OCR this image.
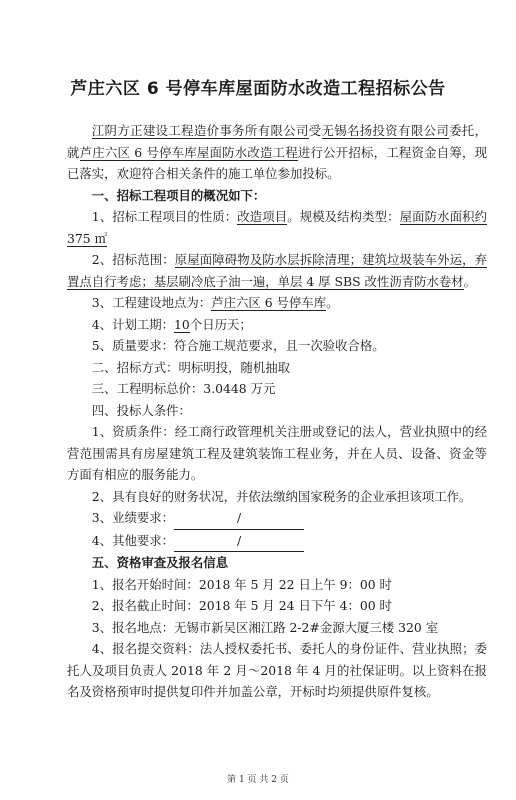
芦庄六区 6 号停车库屋面防水改造工程招标公告

江阴方正建设工程造价事务所有限公司受无锡名扬投资有限公司委托，就芦庄六区 6 号停车库屋面防水改造工程进行公开招标，工程资金自筹，现已落实，欢迎符合相关条件的施工单位参加投标。

一、招标工程项目的概况如下：

1、招标工程项目的性质：改造项目。规模及结构类型：屋面防水面积约 375 ㎡

2、招标范围：原屋面障碍物及防水层拆除清理；建筑垃圾装车外运，弃置点自行考虑；基层刷冷底子油一遍，单层 4 厚 SBS 改性沥青防水卷材。

3、工程建设地点为：芦庄六区 6 号停车库。

4、计划工期：10个日历天；

5、质量要求：符合施工规范要求，且一次验收合格。

二、招标方式：明标明投，随机抽取

三、工程明标总价：3.0448 万元

四、投标人条件：

1、资质条件：经工商行政管理机关注册或登记的法人，营业执照中的经营范围需具有房屋建筑工程及建筑装饰工程业务，并在人员、设备、资金等方面有相应的服务能力。

2、具有良好的财务状况，并依法缴纳国家税务的企业承担该项工作。

3、业绩要求：	/

4、其他要求：	/

五、资格审查及报名信息

1、报名开始时间：2018 年 5 月 22 日上午 9：00 时

2、报名截止时间：2018 年 5 月 24 日下午 4：00 时

3、报名地点：无锡市新吴区湘江路 2-2#金源大厦三楼 320 室

4、报名提交资料：法人授权委托书、委托人的身份证件、营业执照；委托人及项目负责人 2018 年 2 月～2018 年 4 月的社保证明。以上资料在报名及资格预审时提供复印件并加盖公章，开标时均须提供原件复核。

第 1 页 共 2 页
